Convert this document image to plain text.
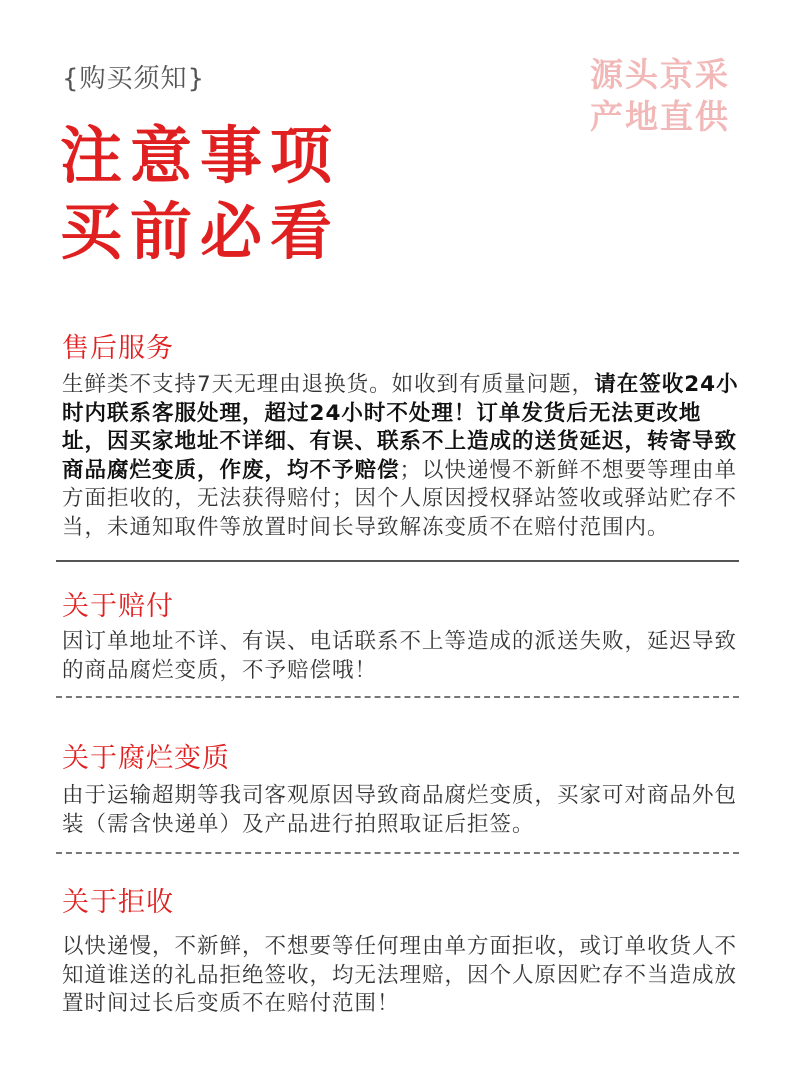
{购买须知}	源头京采
产地直供
注意事项
买前必看
售后服务
生鲜类不支持7天无理由退换货。如收到有质量问题，请在签收24小时内联系客服处理，超过24小时不处理！订单发货后无法更改地址，因买家地址不详细、有误、联系不上造成的送货延迟，转寄导致商品腐烂变质，作废，均不予赔偿；以快递慢不新鲜不想要等理由单方面拒收的，无法获得赔付；因个人原因授权驿站签收或驿站贮存不当，未通知取件等放置时间长导致解冻变质不在赔付范围内。
关于赔付
因订单地址不详、有误、电话联系不上等造成的派送失败，延迟导致的商品腐烂变质，不予赔偿哦！
关于腐烂变质
由于运输超期等我司客观原因导致商品腐烂变质，买家可对商品外包装（需含快递单）及产品进行拍照取证后拒签。
关于拒收
以快递慢，不新鲜，不想要等任何理由单方面拒收，或订单收货人不知道谁送的礼品拒绝签收，均无法理赔，因个人原因贮存不当造成放置时间过长后变质不在赔付范围！
